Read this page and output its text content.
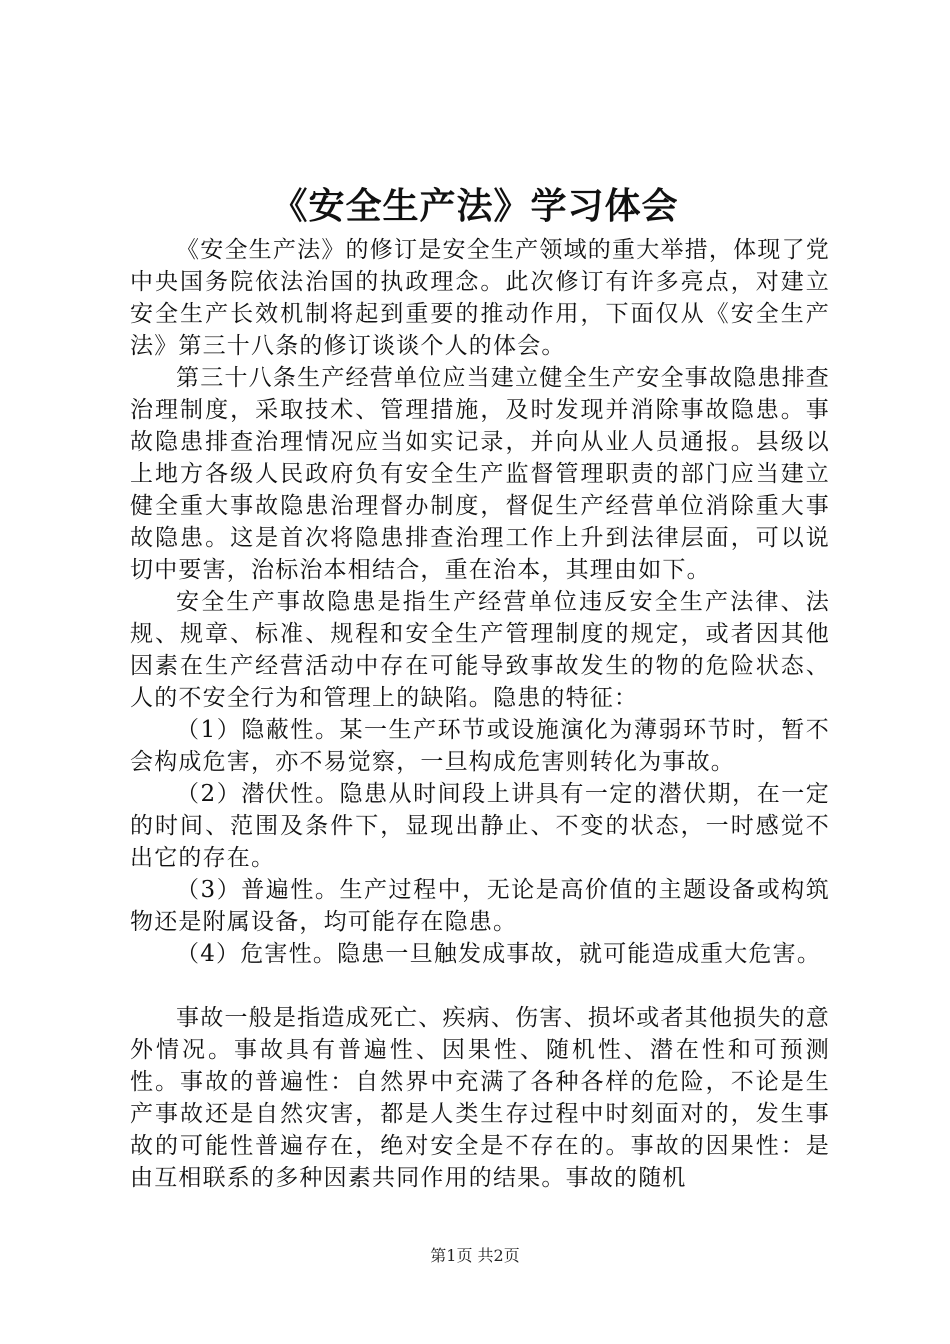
《安全生产法》学习体会

《安全生产法》的修订是安全生产领域的重大举措，体现了党中央国务院依法治国的执政理念。此次修订有许多亮点，对建立安全生产长效机制将起到重要的推动作用，下面仅从《安全生产法》第三十八条的修订谈谈个人的体会。

第三十八条生产经营单位应当建立健全生产安全事故隐患排查治理制度，采取技术、管理措施，及时发现并消除事故隐患。事故隐患排查治理情况应当如实记录，并向从业人员通报。县级以上地方各级人民政府负有安全生产监督管理职责的部门应当建立健全重大事故隐患治理督办制度，督促生产经营单位消除重大事故隐患。这是首次将隐患排查治理工作上升到法律层面，可以说切中要害，治标治本相结合，重在治本，其理由如下。

安全生产事故隐患是指生产经营单位违反安全生产法律、法规、规章、标准、规程和安全生产管理制度的规定，或者因其他因素在生产经营活动中存在可能导致事故发生的物的危险状态、人的不安全行为和管理上的缺陷。隐患的特征：

（1）隐蔽性。某一生产环节或设施演化为薄弱环节时，暂不会构成危害，亦不易觉察，一旦构成危害则转化为事故。

（2）潜伏性。隐患从时间段上讲具有一定的潜伏期，在一定的时间、范围及条件下，显现出静止、不变的状态，一时感觉不出它的存在。

（3）普遍性。生产过程中，无论是高价值的主题设备或构筑物还是附属设备，均可能存在隐患。

（4）危害性。隐患一旦触发成事故，就可能造成重大危害。

事故一般是指造成死亡、疾病、伤害、损坏或者其他损失的意外情况。事故具有普遍性、因果性、随机性、潜在性和可预测性。事故的普遍性：自然界中充满了各种各样的危险，不论是生产事故还是自然灾害，都是人类生存过程中时刻面对的，发生事故的可能性普遍存在，绝对安全是不存在的。事故的因果性：是由互相联系的多种因素共同作用的结果。事故的随机

第1页 共2页
